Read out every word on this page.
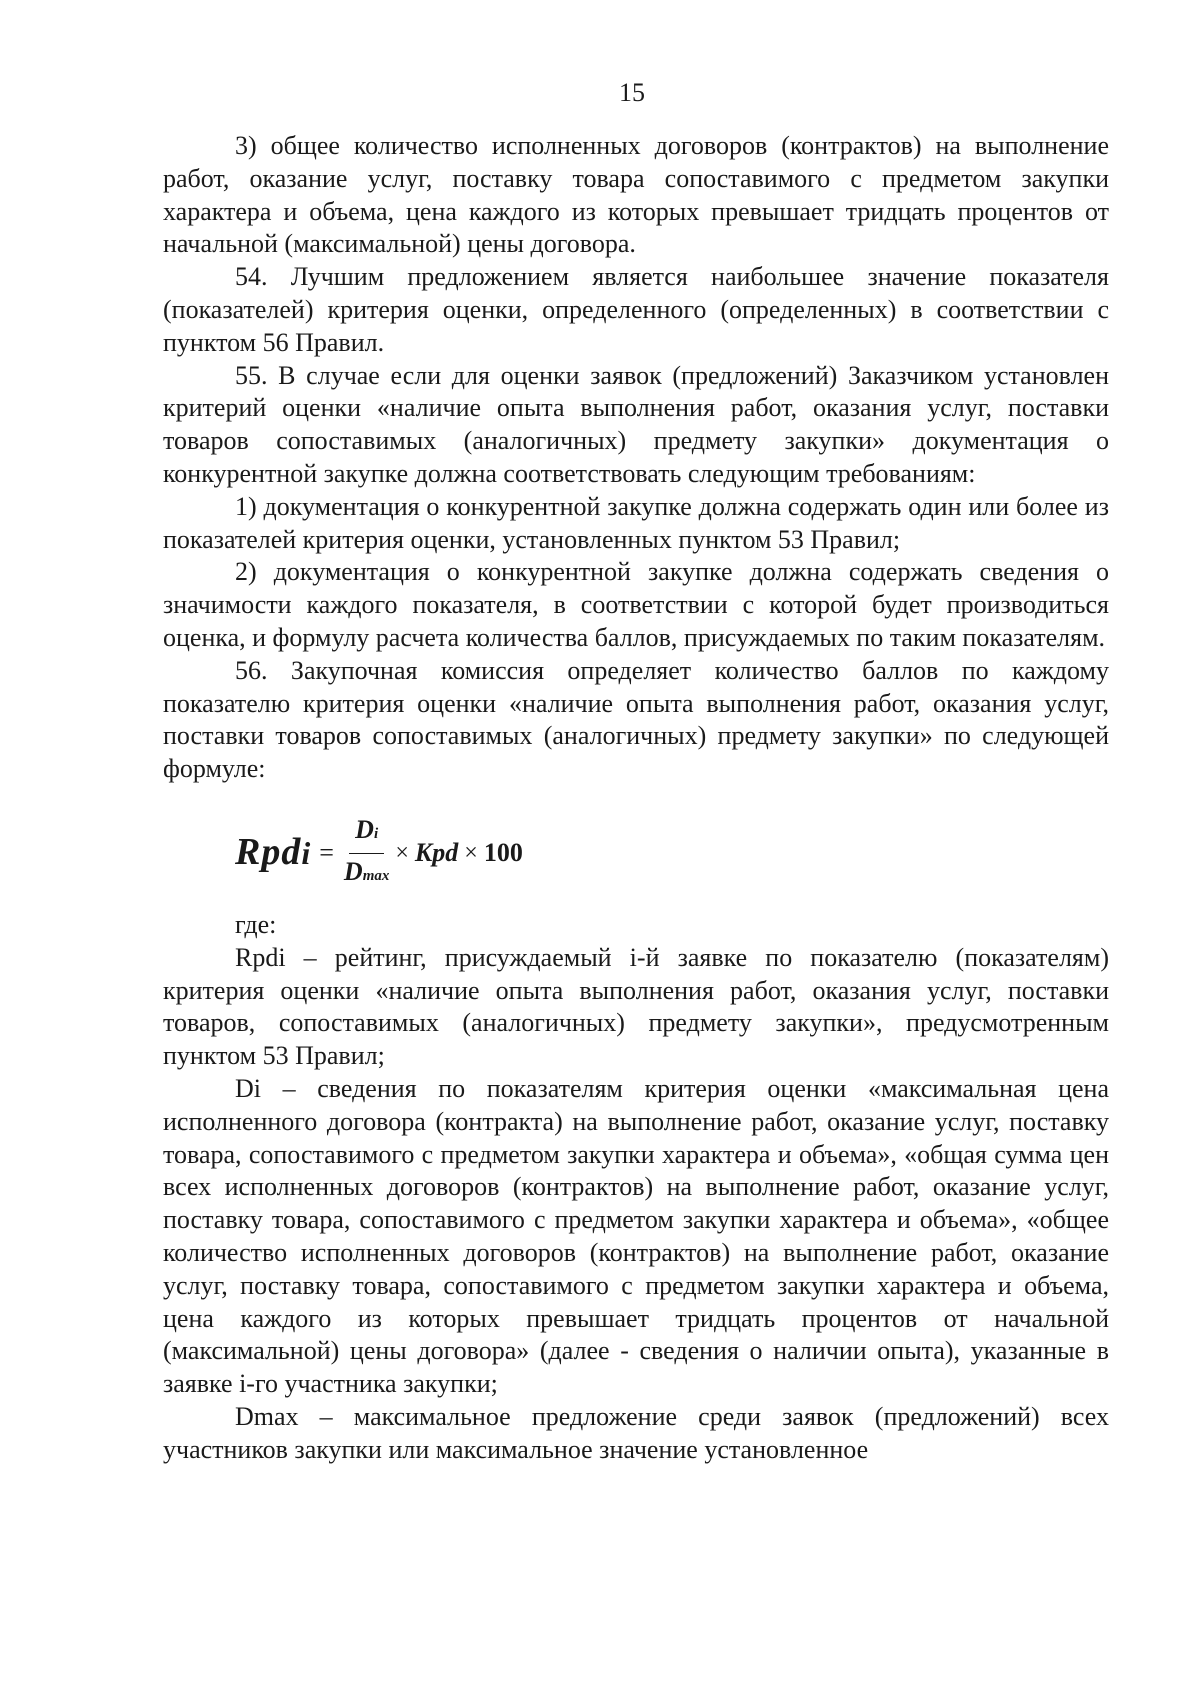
15

3) общее количество исполненных договоров (контрактов) на выполнение работ, оказание услуг, поставку товара сопоставимого с предметом закупки характера и объема, цена каждого из которых превышает тридцать процентов от начальной (максимальной) цены договора.

54. Лучшим предложением является наибольшее значение показателя (показателей) критерия оценки, определенного (определенных) в соответствии с пунктом 56 Правил.

55. В случае если для оценки заявок (предложений) Заказчиком установлен критерий оценки «наличие опыта выполнения работ, оказания услуг, поставки товаров сопоставимых (аналогичных) предмету закупки» документация о конкурентной закупке должна соответствовать следующим требованиям:

1) документация о конкурентной закупке должна содержать один или более из показателей критерия оценки, установленных пунктом 53 Правил;

2) документация о конкурентной закупке должна содержать сведения о значимости каждого показателя, в соответствии с которой будет производиться оценка, и формулу расчета количества баллов, присуждаемых по таким показателям.

56. Закупочная комиссия определяет количество баллов по каждому показателю критерия оценки «наличие опыта выполнения работ, оказания услуг, поставки товаров сопоставимых (аналогичных) предмету закупки» по следующей формуле:

Rpdi = $\frac{Di}{Dmax}$ × Kpd × 100

где:

Rpdi – рейтинг, присуждаемый i-й заявке по показателю (показателям) критерия оценки «наличие опыта выполнения работ, оказания услуг, поставки товаров, сопоставимых (аналогичных) предмету закупки», предусмотренным пунктом 53 Правил;

Di – сведения по показателям критерия оценки «максимальная цена исполненного договора (контракта) на выполнение работ, оказание услуг, поставку товара, сопоставимого с предметом закупки характера и объема», «общая сумма цен всех исполненных договоров (контрактов) на выполнение работ, оказание услуг, поставку товара, сопоставимого с предметом закупки характера и объема», «общее количество исполненных договоров (контрактов) на выполнение работ, оказание услуг, поставку товара, сопоставимого с предметом закупки характера и объема, цена каждого из которых превышает тридцать процентов от начальной (максимальной) цены договора» (далее - сведения о наличии опыта), указанные в заявке i-го участника закупки;

Dmax – максимальное предложение среди заявок (предложений) всех участников закупки или максимальное значение установленное
